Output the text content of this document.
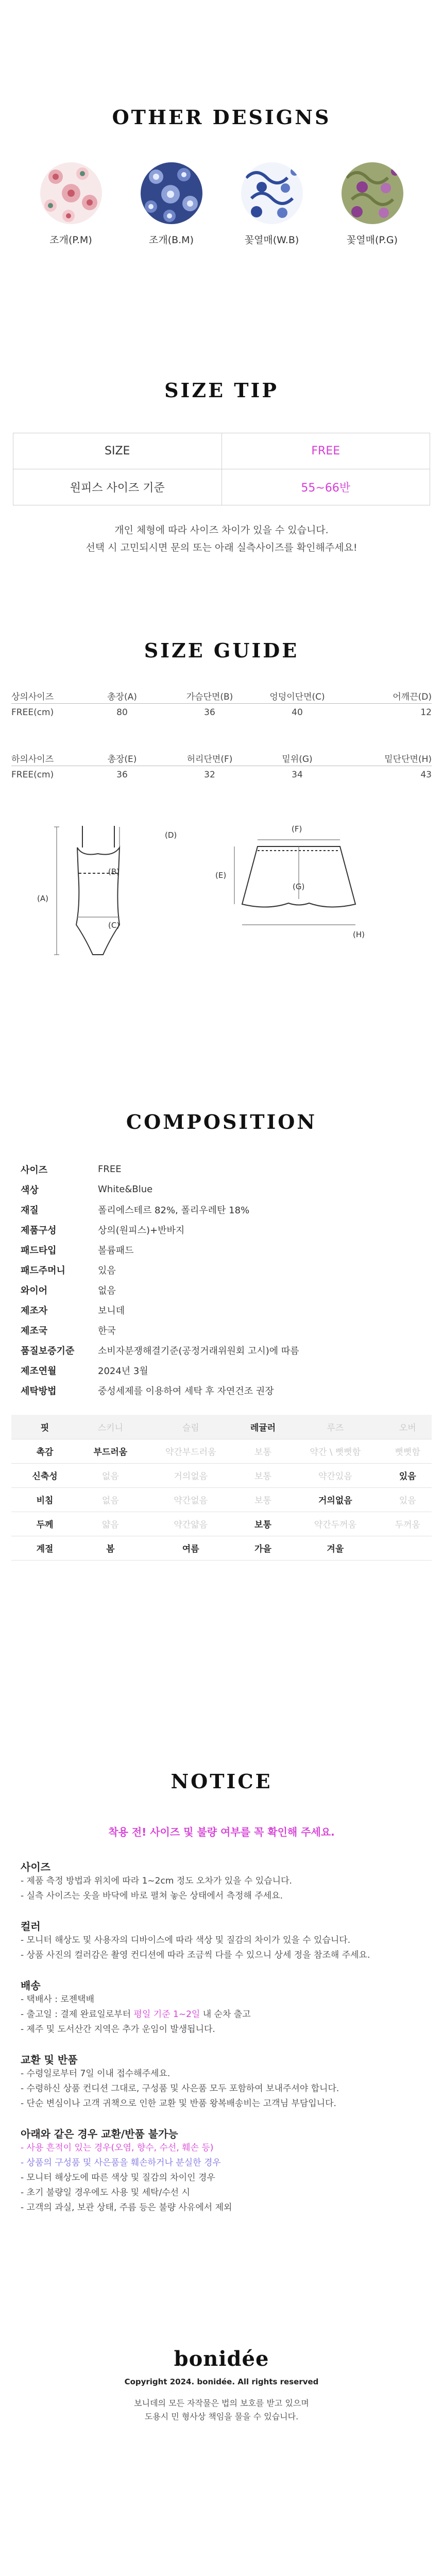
OTHER DESIGNS
조개(P.M)	조개(B.M)	꽃열매(W.B)	꽃열매(P.G)
SIZE TIP
SIZE	FREE
원피스 사이즈 기준	55~66반
개인 체형에 따라 사이즈 차이가 있을 수 있습니다.
선택 시 고민되시면 문의 또는 아래 실측사이즈를 확인해주세요!
SIZE GUIDE
상의사이즈	총장(A)	가슴단면(B)	엉덩이단면(C)	어깨끈(D)
FREE(cm)	80	36	40	12
하의사이즈	총장(E)	허리단면(F)	밑위(G)	밑단단면(H)
FREE(cm)	36	32	34	43
(A)
(B)
(C)
(D)
(F)
(E)
(G)
(H)
COMPOSITION
사이즈	FREE
색상	White&Blue
재질	폴리에스테르 82%, 폴리우레탄 18%
제품구성	상의(원피스)+반바지
패드타입	볼륨패드
패드주머니	있음
와이어	없음
제조자	보니데
제조국	한국
품질보증기준	소비자분쟁해결기준(공정거래위원회 고시)에 따름
제조연월	2024년 3월
세탁방법	중성세제를 이용하여 세탁 후 자연건조 권장
핏	스키니	슬림	레귤러	루즈	오버
촉감	부드러움	약간부드러움	보통	약간 \ 뻣뻣함	뻣뻣함
신축성	없음	거의없음	보통	약간있음	있음
비침	없음	약간없음	보통	거의없음	있음
두께	얇음	약간얇음	보통	약간두꺼움	두꺼움
계절	봄	여름	가을	겨울	
NOTICE
착용 전! 사이즈 및 불량 여부를 꼭 확인해 주세요.
사이즈
- 제품 측정 방법과 위치에 따라 1~2cm 정도 오차가 있을 수 있습니다.
- 실측 사이즈는 옷을 바닥에 바로 펼쳐 놓은 상태에서 측정해 주세요.
컬러
- 모니터 해상도 및 사용자의 디바이스에 따라 색상 및 질감의 차이가 있을 수 있습니다.
- 상품 사진의 컬러감은 촬영 컨디션에 따라 조금씩 다를 수 있으니 상세 정을 참조해 주세요.
배송
- 택배사 : 로젠택배
- 출고일 : 결제 완료일로부터 평일 기준 1~2일 내 순차 출고
- 제주 및 도서산간 지역은 추가 운임이 발생됩니다.
교환 및 반품
- 수령일로부터 7일 이내 접수해주세요.
- 수령하신 상품 컨디션 그대로, 구성품 및 사은품 모두 포함하여 보내주셔야 합니다.
- 단순 변심이나 고객 귀책으로 인한 교환 및 반품 왕복배송비는 고객님 부담입니다.
아래와 같은 경우 교환/반품 불가능
- 사용 흔적이 있는 경우(오염, 향수, 수선, 훼손 등)
- 상품의 구성품 및 사은품을 훼손하거나 분실한 경우
- 모니터 해상도에 따른 색상 및 질감의 차이인 경우
- 초기 불량일 경우에도 사용 및 세탁/수선 시
- 고객의 과실, 보관 상태, 주름 등은 불량 사유에서 제외
bonidée
Copyright 2024. bonidée. All rights reserved
보니데의 모든 자작물은 법의 보호를 받고 있으며
도용시 민 형사상 책임을 물을 수 있습니다.
